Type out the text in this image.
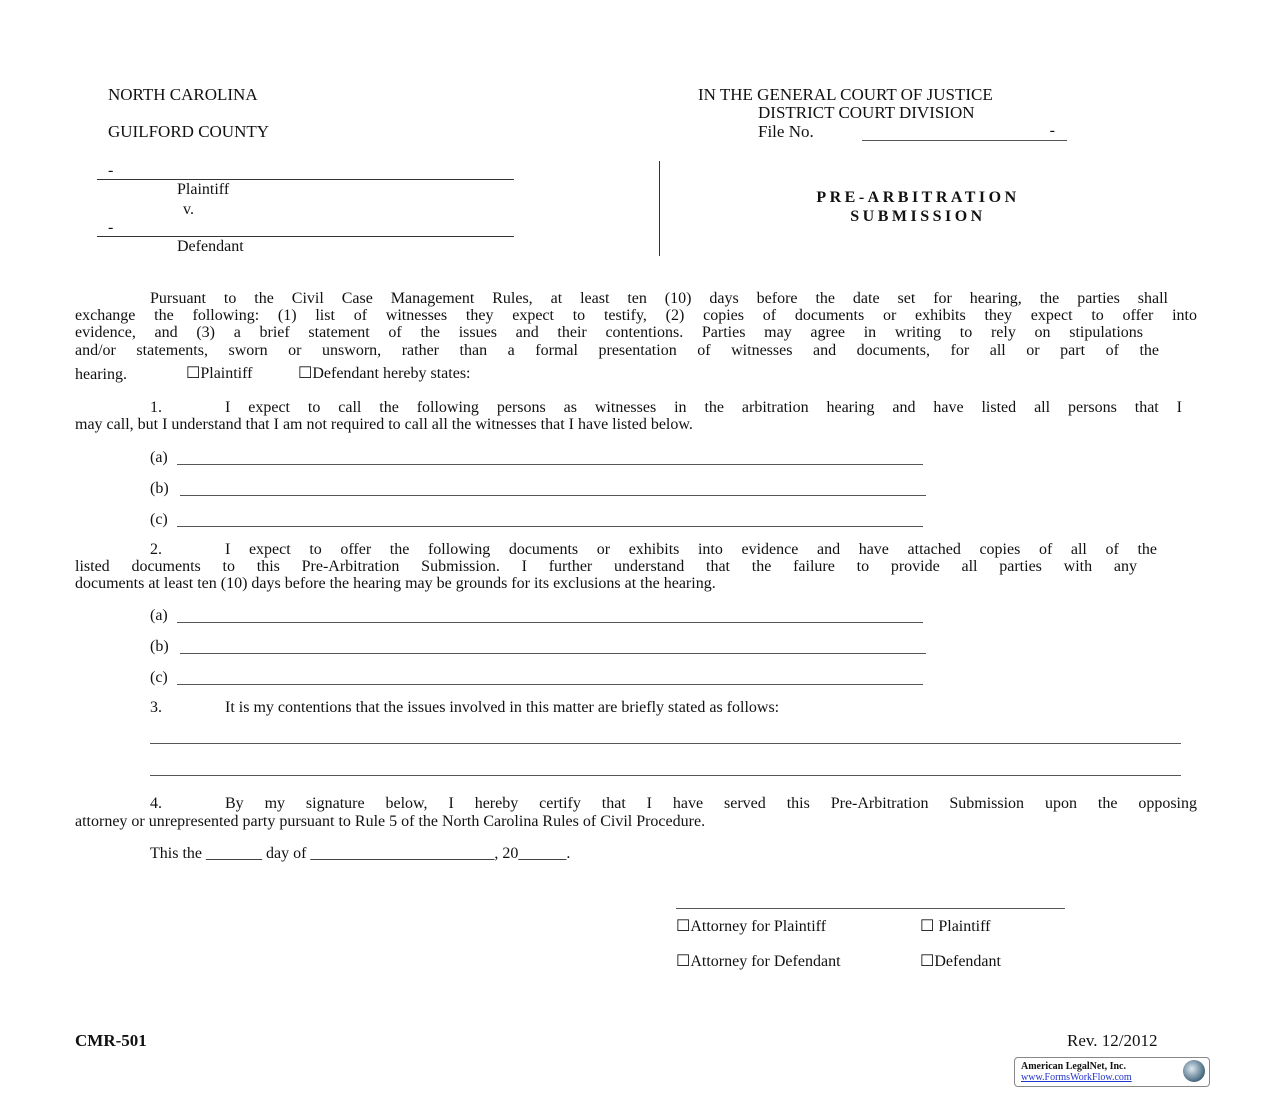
NORTH CAROLINA
GUILFORD COUNTY
IN THE GENERAL COURT OF JUSTICE
DISTRICT COURT DIVISION
File No.	-
-
Plaintiff
v.
-
Defendant
PRE-ARBITRATION
SUBMISSION
Pursuant to the Civil Case Management Rules, at least ten (10) days before the date set for hearing, the parties shall
exchange the following: (1) list of witnesses they expect to testify, (2) copies of documents or exhibits they expect to offer into
evidence, and (3) a brief statement of the issues and their contentions. Parties may agree in writing to rely on stipulations
and/or statements, sworn or unsworn, rather than a formal presentation of witnesses and documents, for all or part of the
hearing.	☐Plaintiff	☐Defendant hereby states:
1.	I expect to call the following persons as witnesses in the arbitration hearing and have listed all persons that I
may call, but I understand that I am not required to call all the witnesses that I have listed below.
(a)
(b)
(c)
2.	I expect to offer the following documents or exhibits into evidence and have attached copies of all of the
listed documents to this Pre-Arbitration Submission. I further understand that the failure to provide all parties with any
documents at least ten (10) days before the hearing may be grounds for its exclusions at the hearing.
(a)
(b)
(c)
3.	It is my contentions that the issues involved in this matter are briefly stated as follows:
4.	By my signature below, I hereby certify that I have served this Pre-Arbitration Submission upon the opposing
attorney or unrepresented party pursuant to Rule 5 of the North Carolina Rules of Civil Procedure.
This the _______ day of _______________________, 20______.
☐Attorney for Plaintiff	☐ Plaintiff
☐Attorney for Defendant	☐Defendant
CMR-501	Rev. 12/2012
American LegalNet, Inc.
www.FormsWorkFlow.com
